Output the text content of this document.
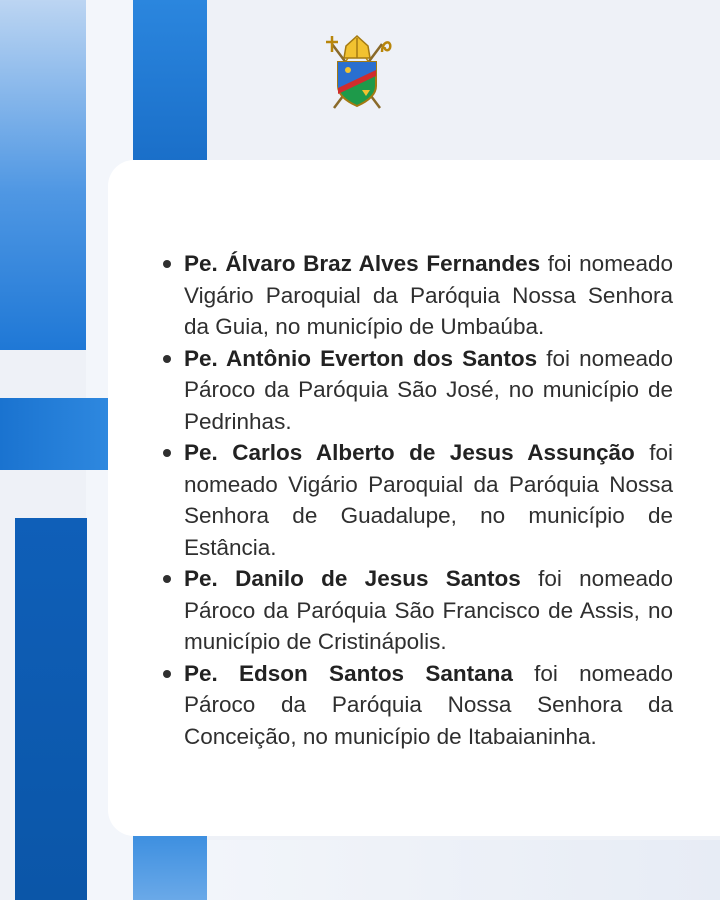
Pe. Álvaro Braz Alves Fernandes foi nomeado Vigário Paroquial da Paróquia Nossa Senhora da Guia, no município de Umbaúba.
Pe. Antônio Everton dos Santos foi nomeado Pároco da Paróquia São José, no município de Pedrinhas.
Pe. Carlos Alberto de Jesus Assunção foi nomeado Vigário Paroquial da Paróquia Nossa Senhora de Guadalupe, no município de Estância.
Pe. Danilo de Jesus Santos foi nomeado Pároco da Paróquia São Francisco de Assis, no município de Cristinápolis.
Pe. Edson Santos Santana foi nomeado Pároco da Paróquia Nossa Senhora da Conceição, no município de Itabaianinha.
